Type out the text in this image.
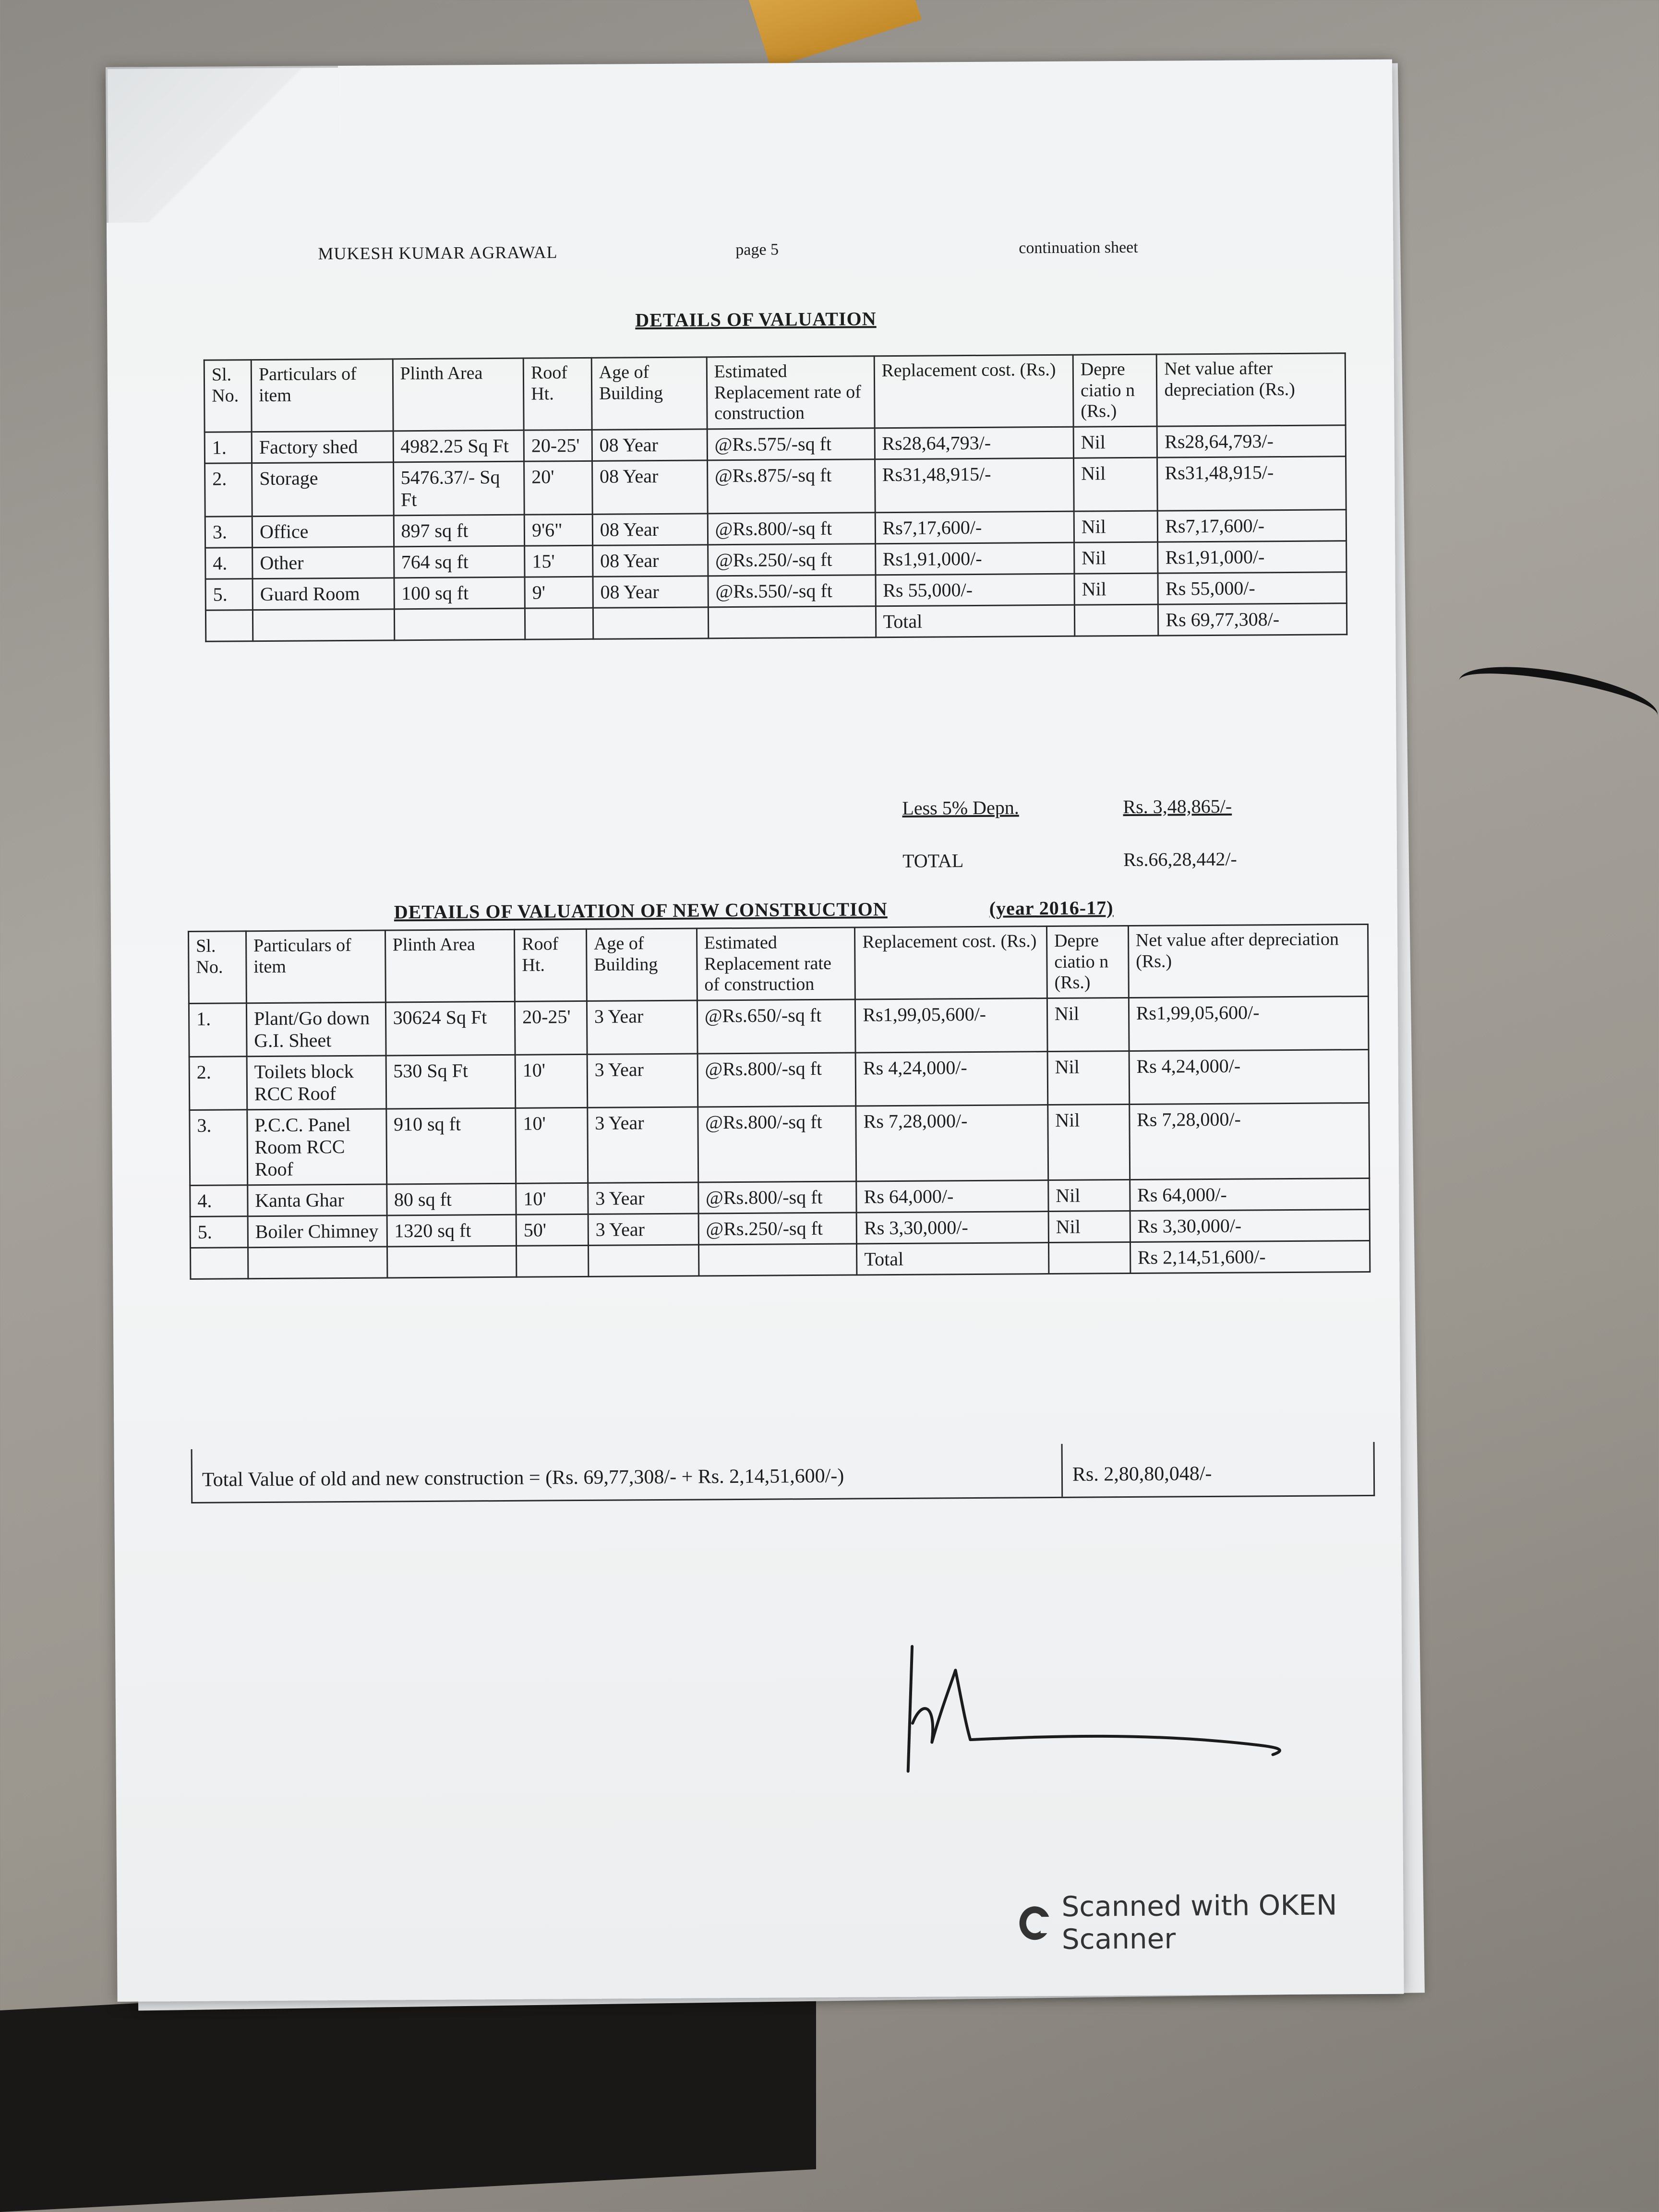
MUKESH KUMAR AGRAWAL	page 5	continuation sheet
DETAILS OF VALUATION
Sl. No.	Particulars of item	Plinth Area	Roof Ht.	Age of Building	Estimated Replacement rate of construction	Replacement cost. (Rs.)	Depre ciatio n (Rs.)	Net value after depreciation (Rs.)
1.	Factory shed	4982.25 Sq Ft	20-25'	08 Year	@Rs.575/-sq ft	Rs28,64,793/-	Nil	Rs28,64,793/-
2.	Storage	5476.37/- Sq Ft	20'	08 Year	@Rs.875/-sq ft	Rs31,48,915/-	Nil	Rs31,48,915/-
3.	Office	897 sq ft	9'6"	08 Year	@Rs.800/-sq ft	Rs7,17,600/-	Nil	Rs7,17,600/-
4.	Other	764 sq ft	15'	08 Year	@Rs.250/-sq ft	Rs1,91,000/-	Nil	Rs1,91,000/-
5.	Guard Room	100 sq ft	9'	08 Year	@Rs.550/-sq ft	Rs 55,000/-	Nil	Rs 55,000/-
						Total		Rs 69,77,308/-
Less 5% Depn.	Rs. 3,48,865/-
TOTAL	Rs.66,28,442/-
DETAILS OF VALUATION OF NEW CONSTRUCTION	(year 2016-17)
Sl. No.	Particulars of item	Plinth Area	Roof Ht.	Age of Building	Estimated Replacement rate of construction	Replacement cost. (Rs.)	Depre ciatio n (Rs.)	Net value after depreciation (Rs.)
1.	Plant/Go down G.I. Sheet	30624 Sq Ft	20-25'	3 Year	@Rs.650/-sq ft	Rs1,99,05,600/-	Nil	Rs1,99,05,600/-
2.	Toilets block RCC Roof	530 Sq Ft	10'	3 Year	@Rs.800/-sq ft	Rs 4,24,000/-	Nil	Rs 4,24,000/-
3.	P.C.C. Panel Room RCC Roof	910 sq ft	10'	3 Year	@Rs.800/-sq ft	Rs 7,28,000/-	Nil	Rs 7,28,000/-
4.	Kanta Ghar	80 sq ft	10'	3 Year	@Rs.800/-sq ft	Rs 64,000/-	Nil	Rs 64,000/-
5.	Boiler Chimney	1320 sq ft	50'	3 Year	@Rs.250/-sq ft	Rs 3,30,000/-	Nil	Rs 3,30,000/-
						Total		Rs 2,14,51,600/-
Total Value of old and new construction = (Rs. 69,77,308/- + Rs. 2,14,51,600/-)	Rs. 2,80,80,048/-
Scanned with OKEN Scanner
